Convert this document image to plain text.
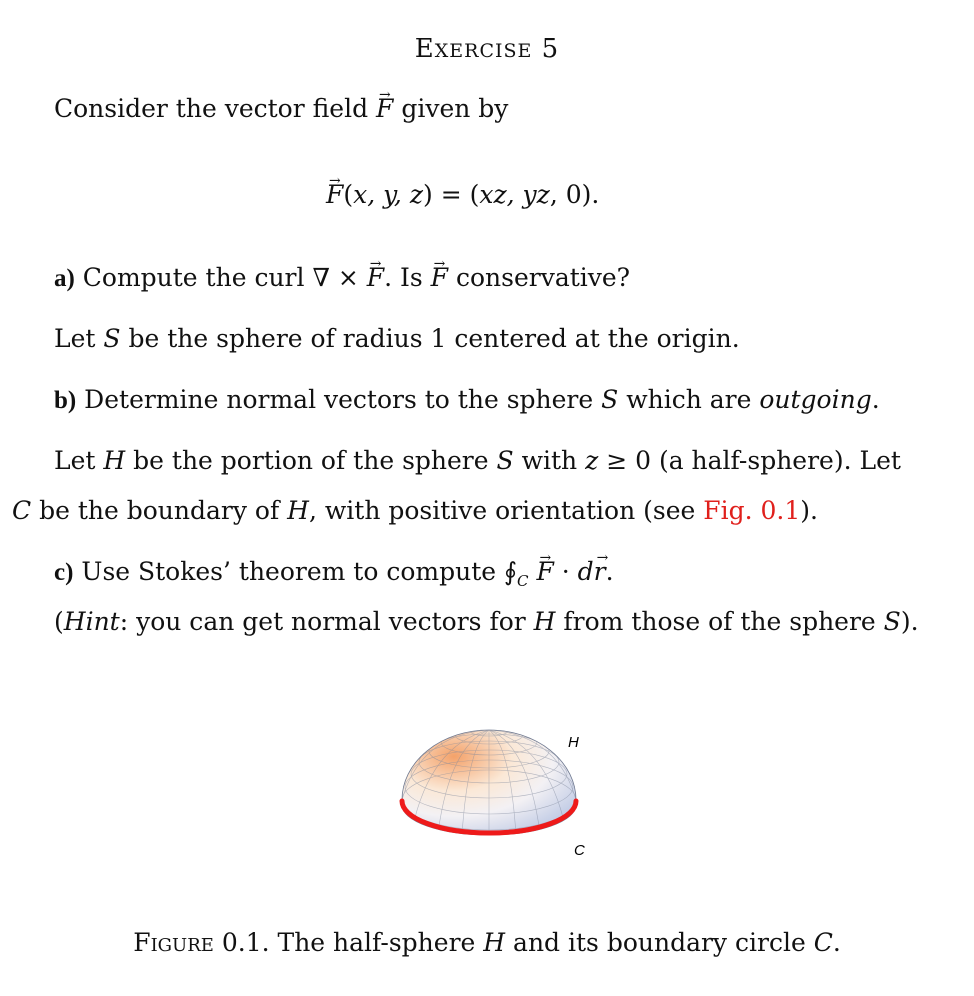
EXERCISE 5
Consider the vector field F → given by
F →(x, y, z) = (xz, yz, 0).
a) Compute the curl ∇ × F →. Is F → conservative?
Let S be the sphere of radius 1 centered at the origin.
b) Determine normal vectors to the sphere S which are outgoing.
Let H be the portion of the sphere S with z ≥ 0 (a half-sphere). Let
C be the boundary of H, with positive orientation (see Fig. 0.1).
c) Use Stokes’ theorem to compute $∮_C$ F → · dr →.
(Hint: you can get normal vectors for H from those of the sphere S).
H
C
FIGURE 0.1. The half-sphere H and its boundary circle C.
